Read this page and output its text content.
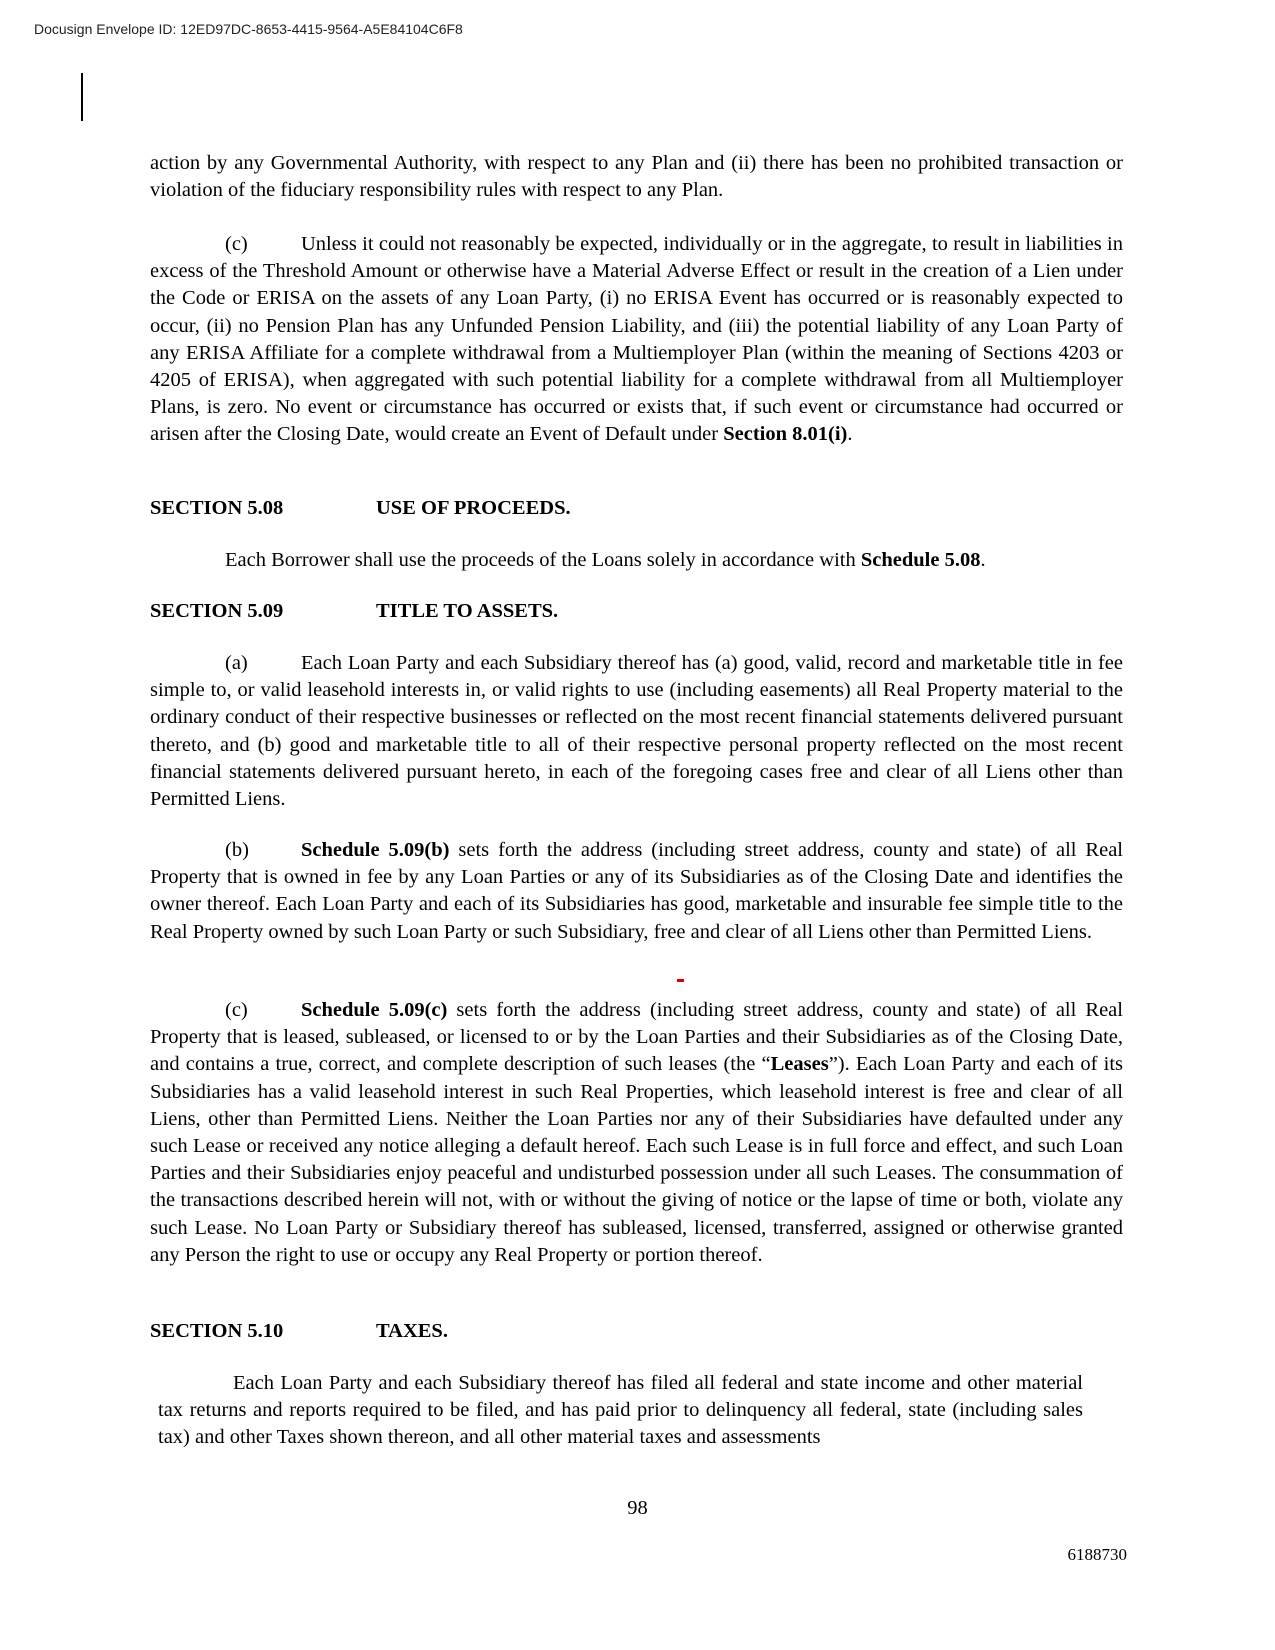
Docusign Envelope ID: 12ED97DC-8653-4415-9564-A5E84104C6F8

action by any Governmental Authority, with respect to any Plan and (ii) there has been no prohibited transaction or violation of the fiduciary responsibility rules with respect to any Plan.

(c)	Unless it could not reasonably be expected, individually or in the aggregate, to result in liabilities in excess of the Threshold Amount or otherwise have a Material Adverse Effect or result in the creation of a Lien under the Code or ERISA on the assets of any Loan Party, (i) no ERISA Event has occurred or is reasonably expected to occur, (ii) no Pension Plan has any Unfunded Pension Liability, and (iii) the potential liability of any Loan Party of any ERISA Affiliate for a complete withdrawal from a Multiemployer Plan (within the meaning of Sections 4203 or 4205 of ERISA), when aggregated with such potential liability for a complete withdrawal from all Multiemployer Plans, is zero. No event or circumstance has occurred or exists that, if such event or circumstance had occurred or arisen after the Closing Date, would create an Event of Default under Section 8.01(i).

SECTION 5.08	USE OF PROCEEDS.

Each Borrower shall use the proceeds of the Loans solely in accordance with Schedule 5.08.

SECTION 5.09	TITLE TO ASSETS.

(a)	Each Loan Party and each Subsidiary thereof has (a) good, valid, record and marketable title in fee simple to, or valid leasehold interests in, or valid rights to use (including easements) all Real Property material to the ordinary conduct of their respective businesses or reflected on the most recent financial statements delivered pursuant thereto, and (b) good and marketable title to all of their respective personal property reflected on the most recent financial statements delivered pursuant hereto, in each of the foregoing cases free and clear of all Liens other than Permitted Liens.

(b)	Schedule 5.09(b) sets forth the address (including street address, county and state) of all Real Property that is owned in fee by any Loan Parties or any of its Subsidiaries as of the Closing Date and identifies the owner thereof. Each Loan Party and each of its Subsidiaries has good, marketable and insurable fee simple title to the Real Property owned by such Loan Party or such Subsidiary, free and clear of all Liens other than Permitted Liens.

(c)	Schedule 5.09(c) sets forth the address (including street address, county and state) of all Real Property that is leased, subleased, or licensed to or by the Loan Parties and their Subsidiaries as of the Closing Date, and contains a true, correct, and complete description of such leases (the “Leases”). Each Loan Party and each of its Subsidiaries has a valid leasehold interest in such Real Properties, which leasehold interest is free and clear of all Liens, other than Permitted Liens. Neither the Loan Parties nor any of their Subsidiaries have defaulted under any such Lease or received any notice alleging a default hereof. Each such Lease is in full force and effect, and such Loan Parties and their Subsidiaries enjoy peaceful and undisturbed possession under all such Leases. The consummation of the transactions described herein will not, with or without the giving of notice or the lapse of time or both, violate any such Lease. No Loan Party or Subsidiary thereof has subleased, licensed, transferred, assigned or otherwise granted any Person the right to use or occupy any Real Property or portion thereof.

SECTION 5.10	TAXES.

Each Loan Party and each Subsidiary thereof has filed all federal and state income and other material tax returns and reports required to be filed, and has paid prior to delinquency all federal, state (including sales tax) and other Taxes shown thereon, and all other material taxes and assessments

98
6188730
